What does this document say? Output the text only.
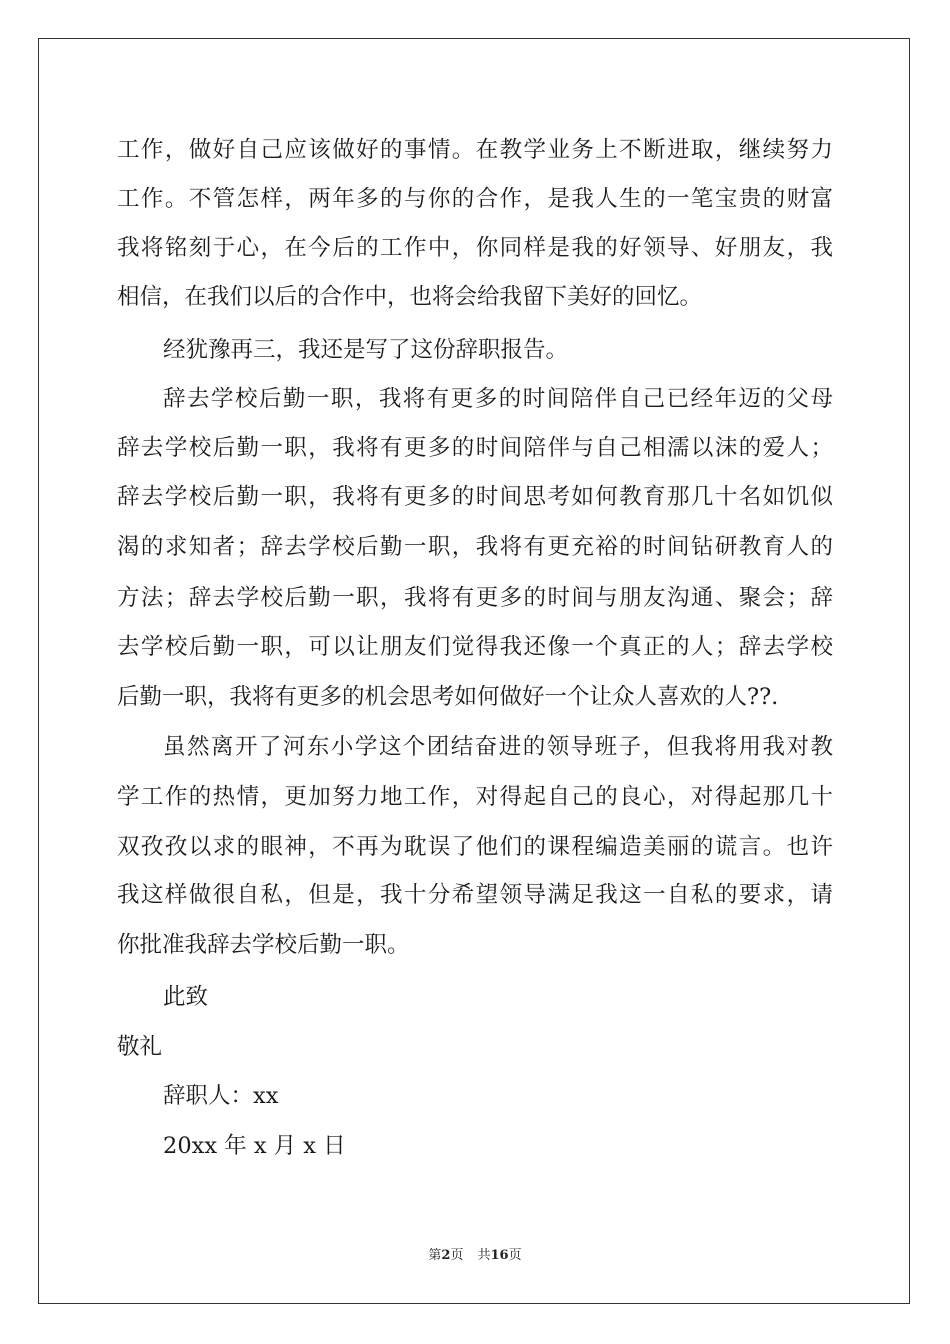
工作，做好自己应该做好的事情。在教学业务上不断进取，继续努力
工作。不管怎样，两年多的与你的合作，是我人生的一笔宝贵的财富
我将铭刻于心，在今后的工作中，你同样是我的好领导、好朋友，我
相信，在我们以后的合作中，也将会给我留下美好的回忆。
经犹豫再三，我还是写了这份辞职报告。
辞去学校后勤一职，我将有更多的时间陪伴自己已经年迈的父母
辞去学校后勤一职，我将有更多的时间陪伴与自己相濡以沫的爱人；
辞去学校后勤一职，我将有更多的时间思考如何教育那几十名如饥似
渴的求知者；辞去学校后勤一职，我将有更充裕的时间钻研教育人的
方法；辞去学校后勤一职，我将有更多的时间与朋友沟通、聚会；辞
去学校后勤一职，可以让朋友们觉得我还像一个真正的人；辞去学校
后勤一职，我将有更多的机会思考如何做好一个让众人喜欢的人??.
虽然离开了河东小学这个团结奋进的领导班子，但我将用我对教
学工作的热情，更加努力地工作，对得起自己的良心，对得起那几十
双孜孜以求的眼神，不再为耽误了他们的课程编造美丽的谎言。也许
我这样做很自私，但是，我十分希望领导满足我这一自私的要求，请
你批准我辞去学校后勤一职。
此致
敬礼
辞职人：xx
20xx 年 x 月 x 日
第2页 共16页
